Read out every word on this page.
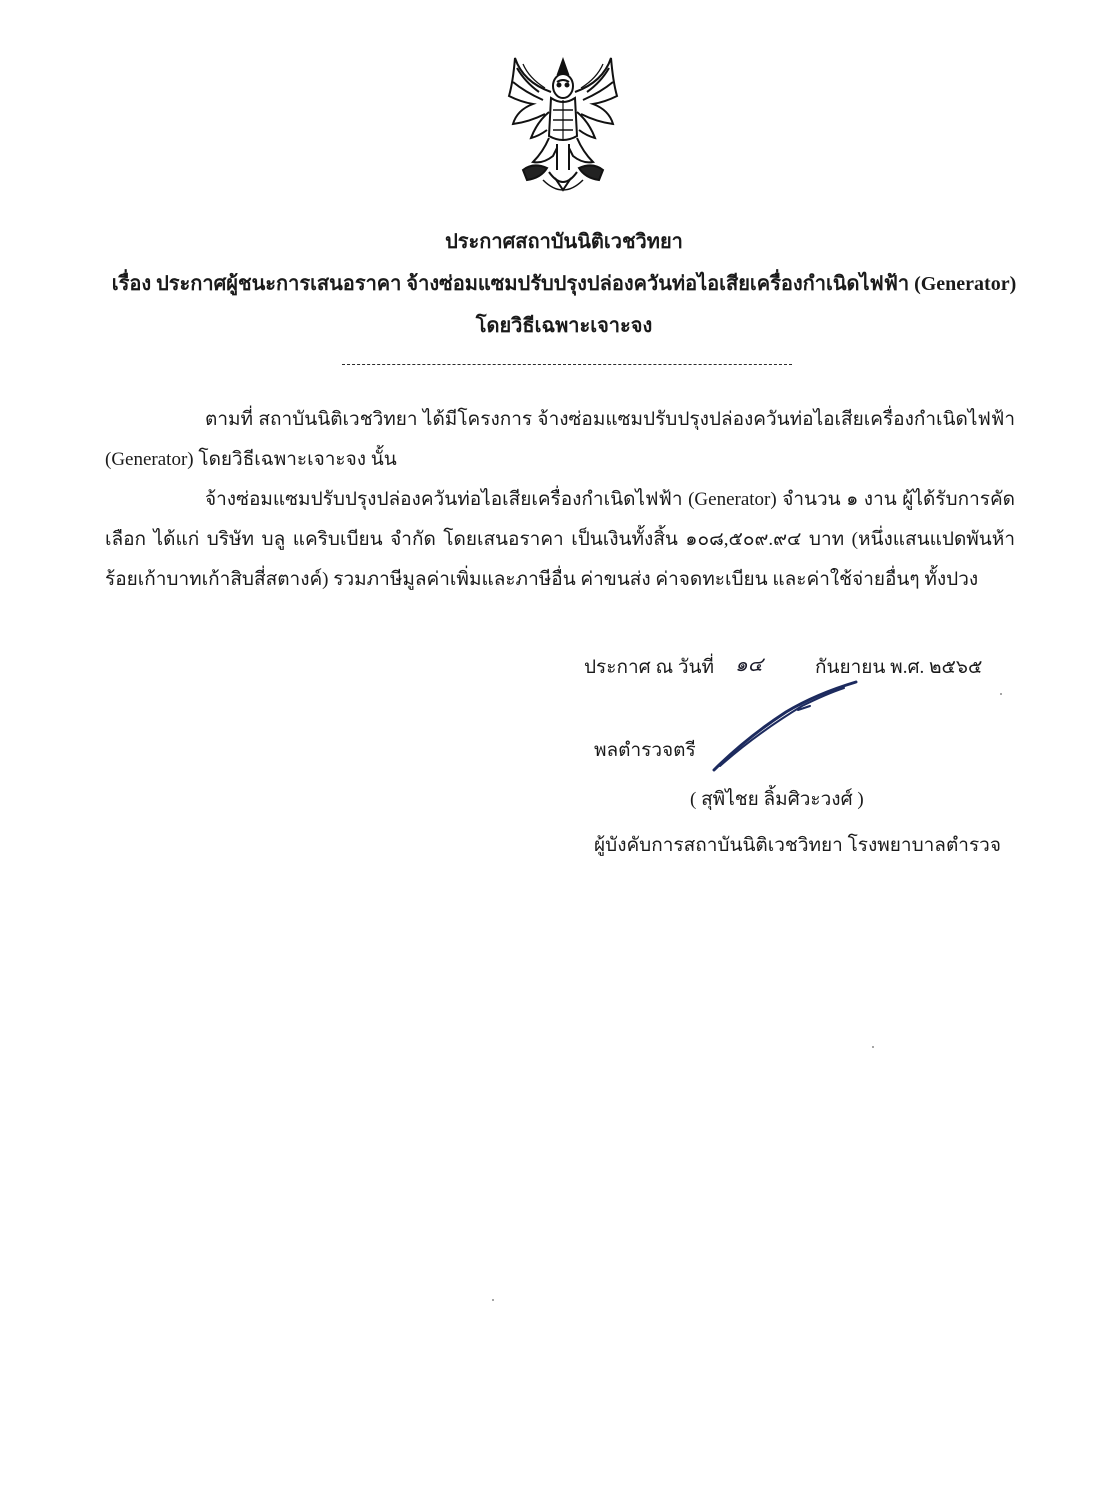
ประกาศสถาบันนิติเวชวิทยา
เรื่อง ประกาศผู้ชนะการเสนอราคา จ้างซ่อมแซมปรับปรุงปล่องควันท่อไอเสียเครื่องกำเนิดไฟฟ้า (Generator)
โดยวิธีเฉพาะเจาะจง
ตามที่ สถาบันนิติเวชวิทยา ได้มีโครงการ จ้างซ่อมแซมปรับปรุงปล่องควันท่อไอเสียเครื่องกำเนิดไฟฟ้า (Generator) โดยวิธีเฉพาะเจาะจง นั้น
จ้างซ่อมแซมปรับปรุงปล่องควันท่อไอเสียเครื่องกำเนิดไฟฟ้า (Generator) จำนวน ๑ งาน ผู้ได้รับการคัดเลือก ได้แก่ บริษัท บลู แคริบเบียน จำกัด โดยเสนอราคา เป็นเงินทั้งสิ้น ๑๐๘,๕๐๙.๙๔ บาท (หนึ่งแสนแปดพันห้าร้อยเก้าบาทเก้าสิบสี่สตางค์) รวมภาษีมูลค่าเพิ่มและภาษีอื่น ค่าขนส่ง ค่าจดทะเบียน และค่าใช้จ่ายอื่นๆ ทั้งปวง
ประกาศ ณ วันที่ ๑๔	กันยายน พ.ศ. ๒๕๖๕
พลตำรวจตรี
( สุพิไชย ลิ้มศิวะวงศ์ )
ผู้บังคับการสถาบันนิติเวชวิทยา โรงพยาบาลตำรวจ
